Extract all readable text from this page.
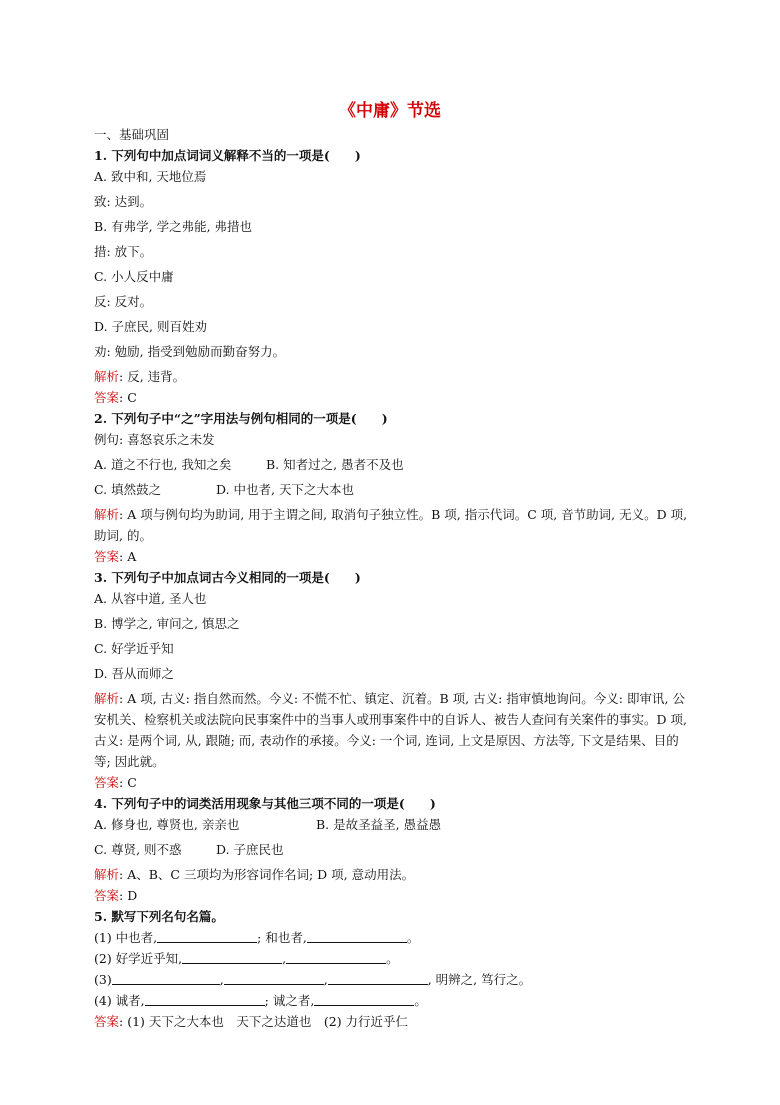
《中庸》节选
一、基础巩固
1. 下列句中加点词词义解释不当的一项是(　　)
A. 致中和, 天地位焉
致: 达到。
B. 有弗学, 学之弗能, 弗措也
措: 放下。
C. 小人反中庸
反: 反对。
D. 子庶民, 则百姓劝
劝: 勉励, 指受到勉励而勤奋努力。
解析: 反, 违背。
答案: C
2. 下列句子中“之”字用法与例句相同的一项是(　　)
例句: 喜怒哀乐之未发
A. 道之不行也, 我知之矣	B. 知者过之, 愚者不及也
C. 填然鼓之	D. 中也者, 天下之大本也
解析: A 项与例句均为助词, 用于主谓之间, 取消句子独立性。B 项, 指示代词。C 项, 音节助词, 无义。D 项, 助词, 的。
答案: A
3. 下列句子中加点词古今义相同的一项是(　　)
A. 从容中道, 圣人也
B. 博学之, 审问之, 慎思之
C. 好学近乎知
D. 吾从而师之
解析: A 项, 古义: 指自然而然。今义: 不慌不忙、镇定、沉着。B 项, 古义: 指审慎地询问。今义: 即审讯, 公安机关、检察机关或法院向民事案件中的当事人或刑事案件中的自诉人、被告人查问有关案件的事实。D 项, 古义: 是两个词, 从, 跟随; 而, 表动作的承接。今义: 一个词, 连词, 上文是原因、方法等, 下文是结果、目的等; 因此就。
答案: C
4. 下列句子中的词类活用现象与其他三项不同的一项是(　　)
A. 修身也, 尊贤也, 亲亲也	B. 是故圣益圣, 愚益愚
C. 尊贤, 则不惑	D. 子庶民也
解析: A、B、C 三项均为形容词作名词; D 项, 意动用法。
答案: D
5. 默写下列名句名篇。
(1) 中也者,	; 和也者,	。
(2) 好学近乎知,	,	。
(3)	,	,	, 明辨之, 笃行之。
(4) 诚者,	; 诚之者,	。
答案: (1) 天下之大本也　天下之达道也　(2) 力行近乎仁
